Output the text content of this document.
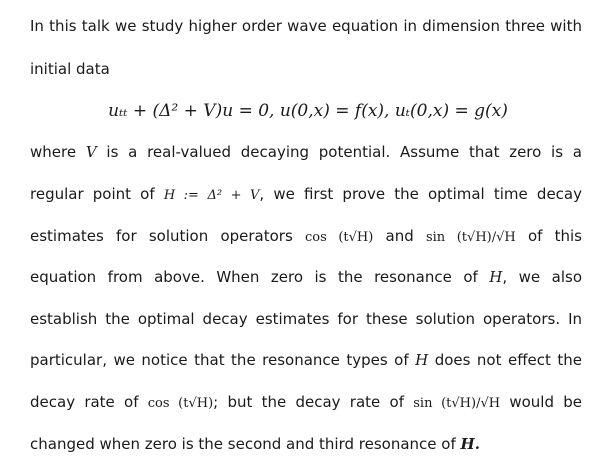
In this talk we study higher order wave equation in dimension three with
initial data
uₜₜ + (Δ² + V)u = 0, u(0,x) = f(x), uₜ(0,x) = g(x)
where V is a real-valued decaying potential. Assume that zero is a
regular point of H := Δ² + V, we first prove the optimal time decay
estimates for solution operators cos (t√H) and sin (t√H)/√H of this
equation from above. When zero is the resonance of H, we also
establish the optimal decay estimates for these solution operators. In
particular, we notice that the resonance types of H does not effect the
decay rate of cos (t√H); but the decay rate of sin (t√H)/√H would be
changed when zero is the second and third resonance of H.
